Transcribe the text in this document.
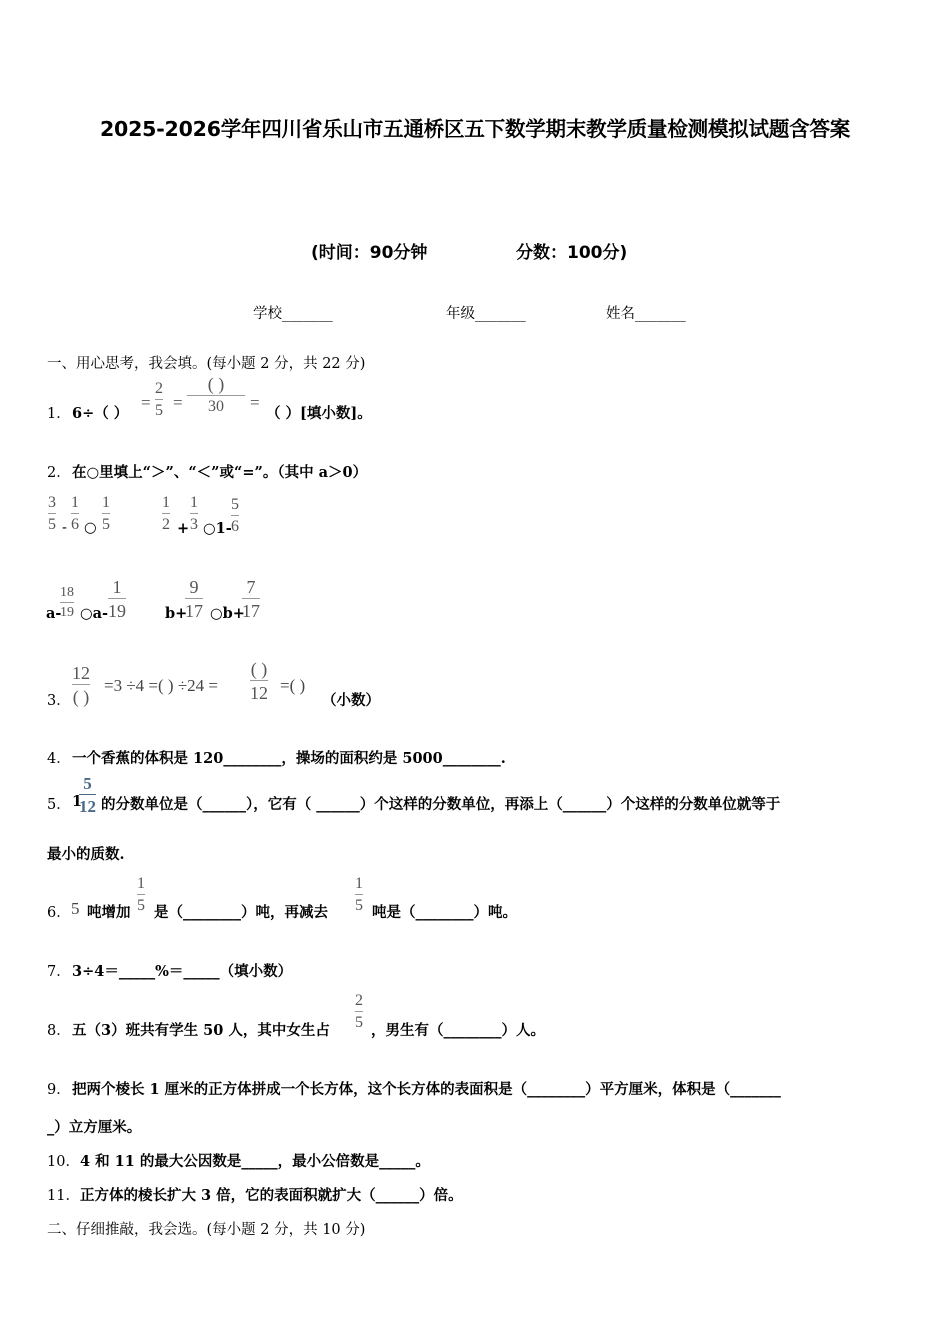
2025-2026学年四川省乐山市五通桥区五下数学期末教学质量检测模拟试题含答案
(时间：90分钟	分数：100分)
学校_______	年级_______	姓名_______
一、用心思考，我会填。(每小题 2 分，共 22 分)
1． 6÷（ ）
=
2
5 =
( )
30	=
（ ）[填小数]。
2． 在○里填上“＞”、“＜”或“=”。（其中 a＞0）
3
5 -
1
6 ○
1
5
1
2 +
1
3 ○1-
5
6
a-
18
19 ○a-
1
19	b+
9
17 ○b+
7
17
3．
12
( )
=3 ÷4 =( ) ÷24 =
( )
12 =( )
（小数）
4． 一个香蕉的体积是 120________，操场的面积约是 5000________.
5． 1
5
12 的分数单位是（______），它有（ ______）个这样的分数单位，再添上（______）个这样的分数单位就等于
最小的质数.
6． 5 吨增加
1
5 是（________）吨，再减去
1
5 吨是（________）吨。
7． 3÷4＝_____%＝_____（填小数）
8． 五（3）班共有学生 50 人，其中女生占
2
5 ，男生有（________）人。
9． 把两个棱长 1 厘米的正方体拼成一个长方体，这个长方体的表面积是（________）平方厘米，体积是（_______
_）立方厘米。
10． 4 和 11 的最大公因数是_____，最小公倍数是_____。
11． 正方体的棱长扩大 3 倍，它的表面积就扩大（______）倍。
二、仔细推敲，我会选。(每小题 2 分，共 10 分)
